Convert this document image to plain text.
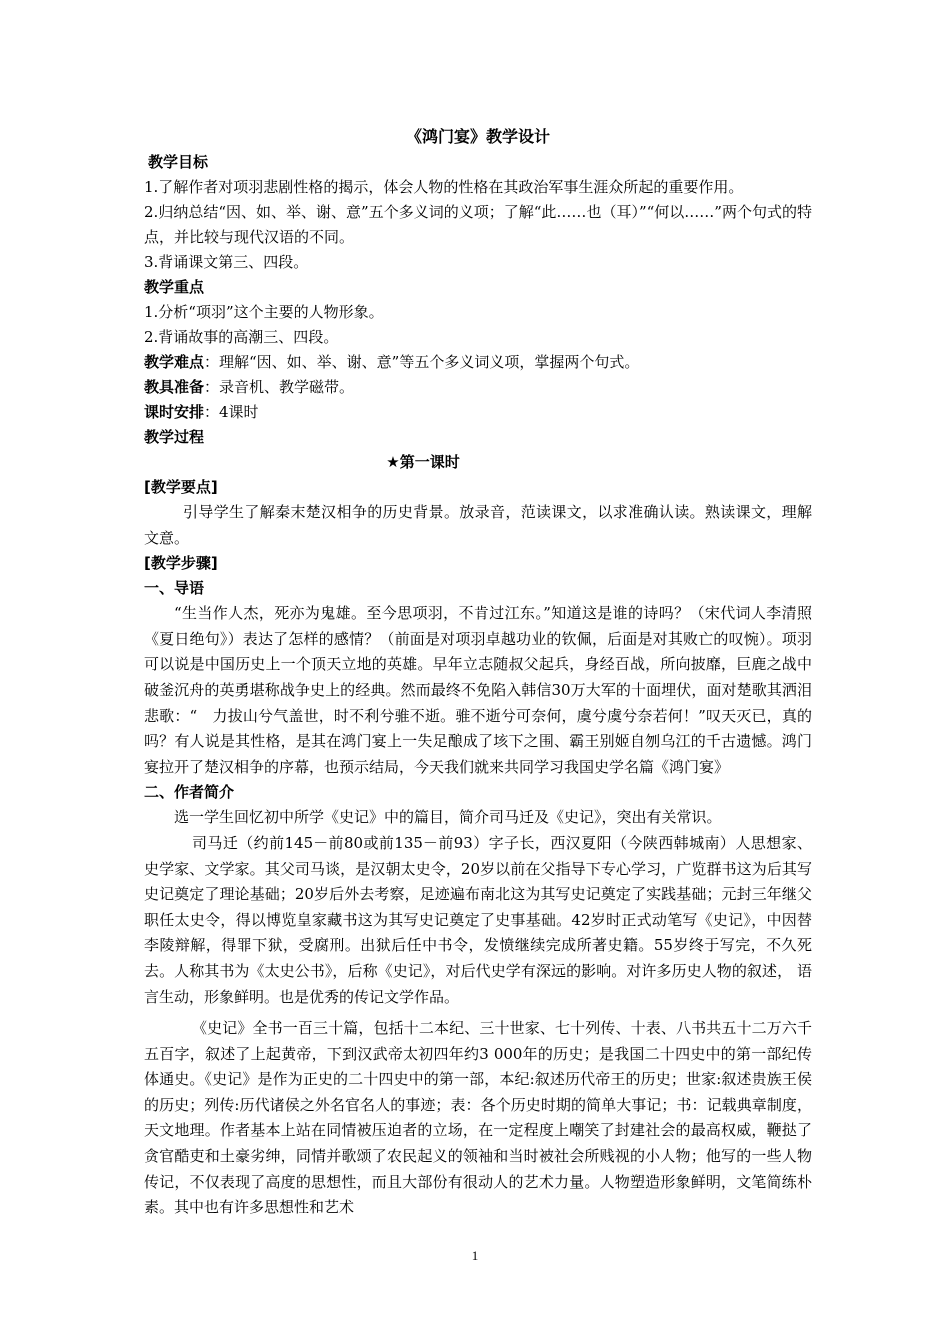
《鸿门宴》教学设计

教学目标

1.了解作者对项羽悲剧性格的揭示，体会人物的性格在其政治军事生涯众所起的重要作用。

2.归纳总结“因、如、举、谢、意”五个多义词的义项；了解“此……也（耳）”“何以……”两个句式的特点，并比较与现代汉语的不同。

3.背诵课文第三、四段。

教学重点

1.分析“项羽”这个主要的人物形象。

2.背诵故事的高潮三、四段。

教学难点：理解“因、如、举、谢、意”等五个多义词义项，掌握两个句式。

教具准备：录音机、教学磁带。

课时安排：4课时

教学过程

★第一课时

[教学要点]

引导学生了解秦末楚汉相争的历史背景。放录音，范读课文，以求准确认读。熟读课文，理解文意。

[教学步骤]

一、导语

“生当作人杰，死亦为鬼雄。至今思项羽，不肯过江东。”知道这是谁的诗吗？（宋代词人李清照《夏日绝句》）表达了怎样的感情？（前面是对项羽卓越功业的钦佩，后面是对其败亡的叹惋）。项羽可以说是中国历史上一个顶天立地的英雄。早年立志随叔父起兵，身经百战，所向披靡，巨鹿之战中破釜沉舟的英勇堪称战争史上的经典。然而最终不免陷入韩信30万大军的十面埋伏，面对楚歌其洒泪悲歌：“　力拔山兮气盖世，时不利兮骓不逝。骓不逝兮可奈何，虞兮虞兮奈若何！”叹天灭已，真的吗？有人说是其性格，是其在鸿门宴上一失足酿成了垓下之围、霸王别姬自刎乌江的千古遗憾。鸿门宴拉开了楚汉相争的序幕，也预示结局，今天我们就来共同学习我国史学名篇《鸿门宴》

二、作者简介

选一学生回忆初中所学《史记》中的篇目，简介司马迁及《史记》，突出有关常识。

司马迁（约前145－前80或前135－前93）字子长，西汉夏阳（今陕西韩城南）人思想家、史学家、文学家。其父司马谈，是汉朝太史令，20岁以前在父指导下专心学习，广览群书这为后其写史记奠定了理论基础；20岁后外去考察，足迹遍布南北这为其写史记奠定了实践基础；元封三年继父职任太史令，得以博览皇家藏书这为其写史记奠定了史事基础。42岁时正式动笔写《史记》，中因替李陵辩解，得罪下狱，受腐刑。出狱后任中书令，发愤继续完成所著史籍。55岁终于写完，不久死去。人称其书为《太史公书》，后称《史记》，对后代史学有深远的影响。对许多历史人物的叙述， 语言生动，形象鲜明。也是优秀的传记文学作品。

《史记》全书一百三十篇，包括十二本纪、三十世家、七十列传、十表、八书共五十二万六千五百字，叙述了上起黄帝，下到汉武帝太初四年约3 000年的历史；是我国二十四史中的第一部纪传体通史。《史记》是作为正史的二十四史中的第一部，本纪:叙述历代帝王的历史；世家:叙述贵族王侯的历史；列传:历代诸侯之外名官名人的事迹；表：各个历史时期的简单大事记；书：记载典章制度，天文地理。作者基本上站在同情被压迫者的立场，在一定程度上嘲笑了封建社会的最高权威，鞭挞了贪官酷吏和土豪劣绅，同情并歌颂了农民起义的领袖和当时被社会所贱视的小人物；他写的一些人物传记，不仅表现了高度的思想性，而且大部份有很动人的艺术力量。人物塑造形象鲜明，文笔简练朴素。其中也有许多思想性和艺术

1
